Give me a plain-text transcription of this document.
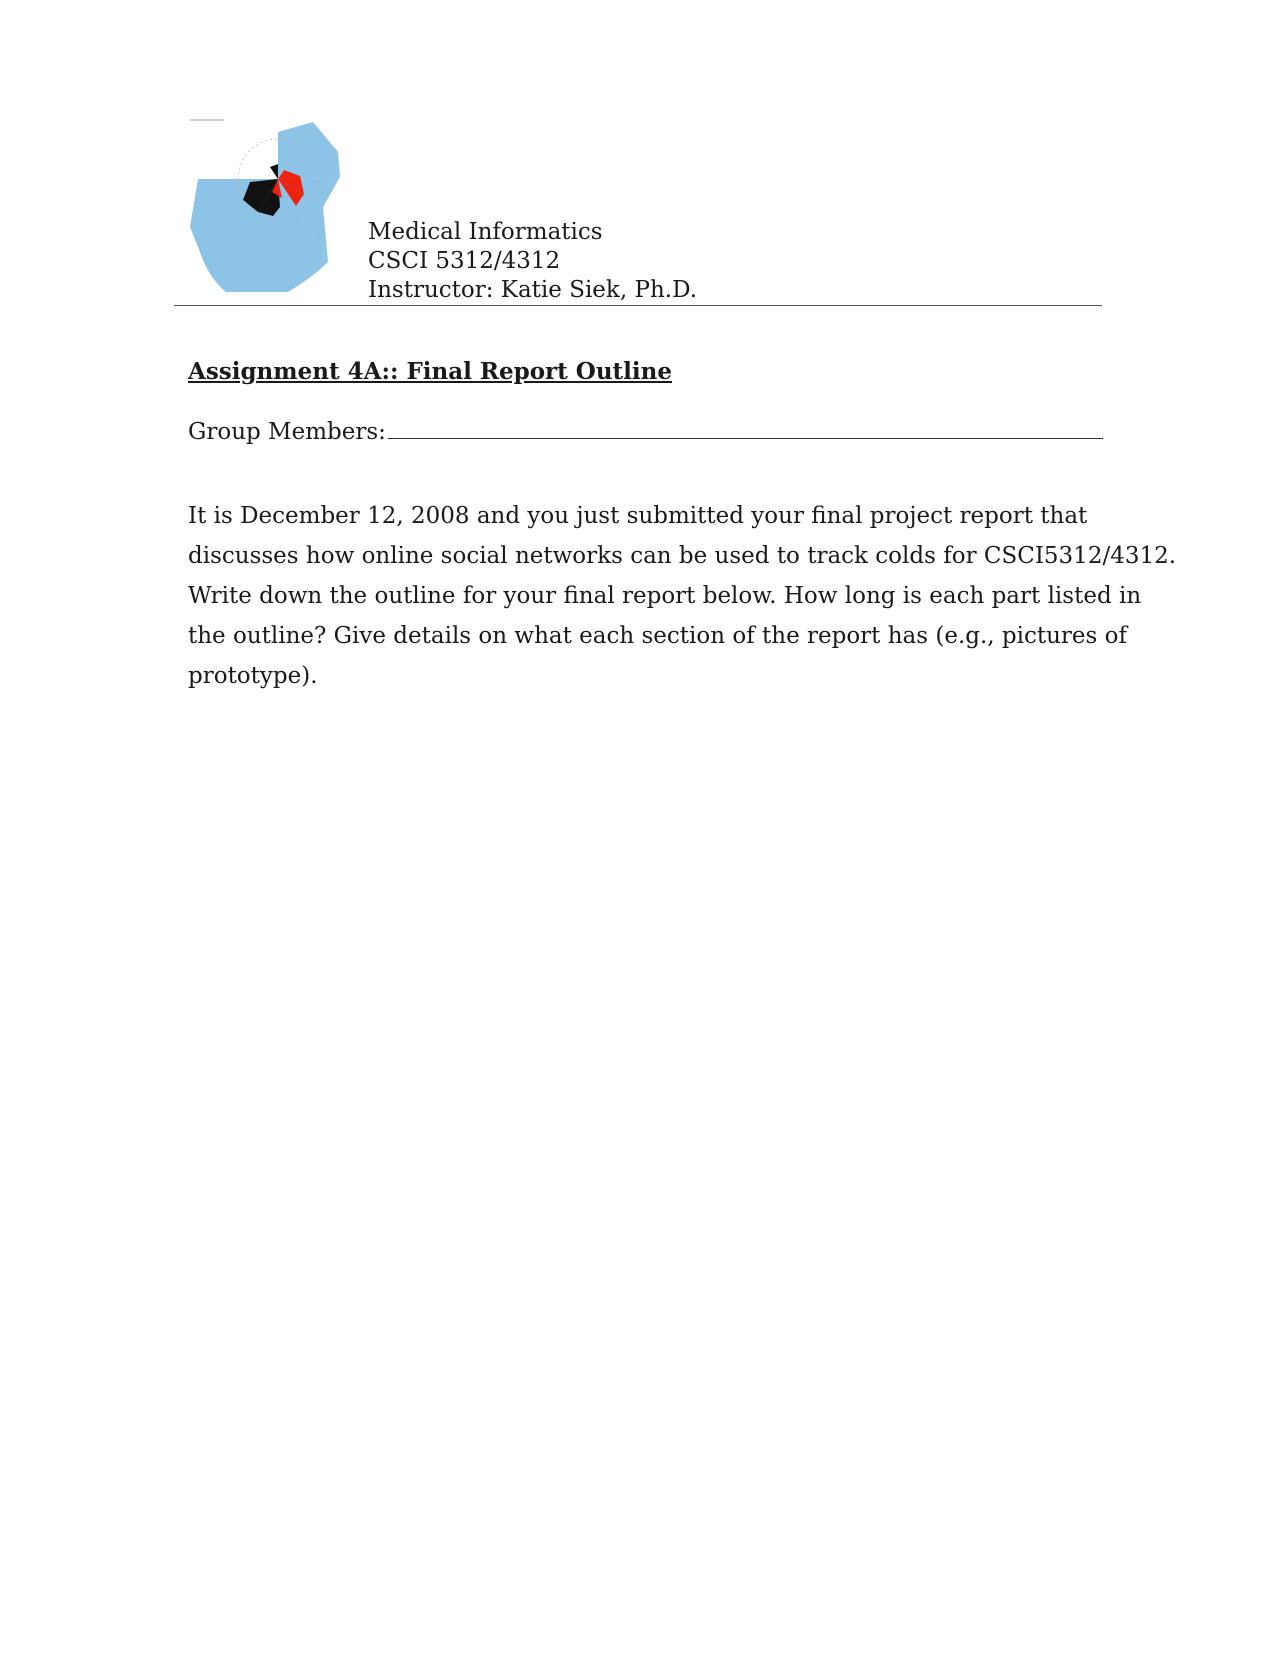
Medical Informatics
CSCI 5312/4312
Instructor: Katie Siek, Ph.D.
Assignment 4A:: Final Report Outline
Group Members:
It is December 12, 2008 and you just submitted your final project report that
discusses how online social networks can be used to track colds for CSCI5312/4312.
Write down the outline for your final report below. How long is each part listed in
the outline? Give details on what each section of the report has (e.g., pictures of
prototype).
